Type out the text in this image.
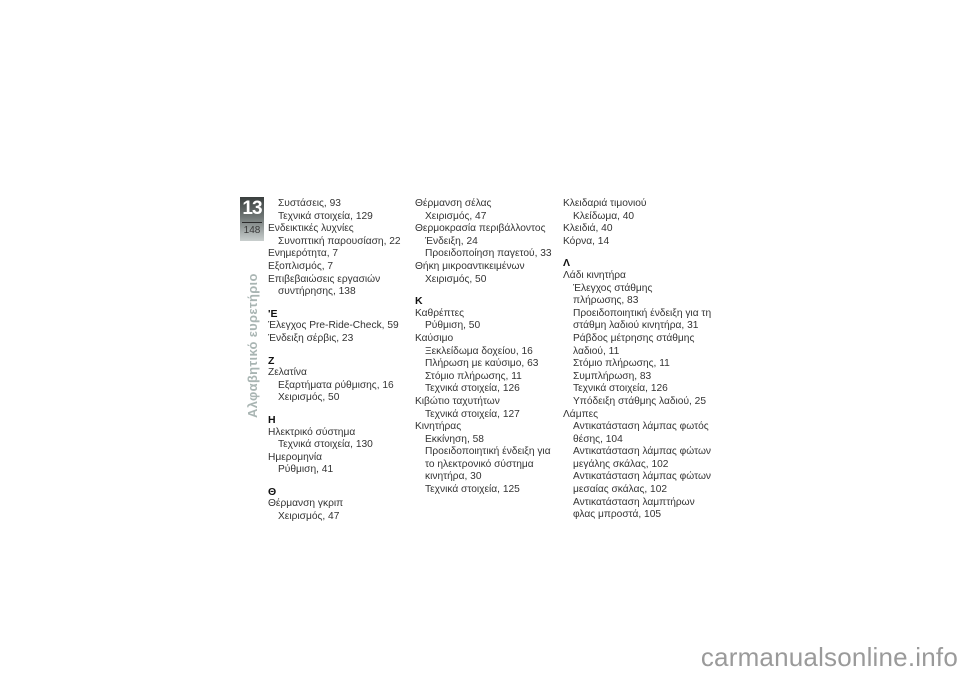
13
148
Αλφαβητικό ευρετήριο
Συστάσεις, 93
Τεχνικά στοιχεία, 129
Ενδεικτικές λυχνίες
Συνοπτική παρουσίαση, 22
Ενημερότητα, 7
Εξοπλισμός, 7
Επιβεβαιώσεις εργασιών
συντήρησης, 138
'Ε
Έλεγχος Pre-Ride-Check, 59
Ένδειξη σέρβις, 23
Ζ
Ζελατίνα
Εξαρτήματα ρύθμισης, 16
Χειρισμός, 50
Η
Ηλεκτρικό σύστημα
Τεχνικά στοιχεία, 130
Ημερομηνία
Ρύθμιση, 41
Θ
Θέρμανση γκριπ
Χειρισμός, 47
Θέρμανση σέλας
Χειρισμός, 47
Θερμοκρασία περιβάλλοντος
Ένδειξη, 24
Προειδοποίηση παγετού, 33
Θήκη μικροαντικειμένων
Χειρισμός, 50
Κ
Καθρέπτες
Ρύθμιση, 50
Καύσιμο
Ξεκλείδωμα δοχείου, 16
Πλήρωση με καύσιμο, 63
Στόμιο πλήρωσης, 11
Τεχνικά στοιχεία, 126
Κιβώτιο ταχυτήτων
Τεχνικά στοιχεία, 127
Κινητήρας
Εκκίνηση, 58
Προειδοποιητική ένδειξη για
το ηλεκτρονικό σύστημα
κινητήρα, 30
Τεχνικά στοιχεία, 125
Κλειδαριά τιμονιού
Κλείδωμα, 40
Κλειδιά, 40
Κόρνα, 14
Λ
Λάδι κινητήρα
Έλεγχος στάθμης
πλήρωσης, 83
Προειδοποιητική ένδειξη για τη
στάθμη λαδιού κινητήρα, 31
Ράβδος μέτρησης στάθμης
λαδιού, 11
Στόμιο πλήρωσης, 11
Συμπλήρωση, 83
Τεχνικά στοιχεία, 126
Υπόδειξη στάθμης λαδιού, 25
Λάμπες
Αντικατάσταση λάμπας φωτός
θέσης, 104
Αντικατάσταση λάμπας φώτων
μεγάλης σκάλας, 102
Αντικατάσταση λάμπας φώτων
μεσαίας σκάλας, 102
Αντικατάσταση λαμπτήρων
φλας μπροστά, 105
carmanualsonline.info
